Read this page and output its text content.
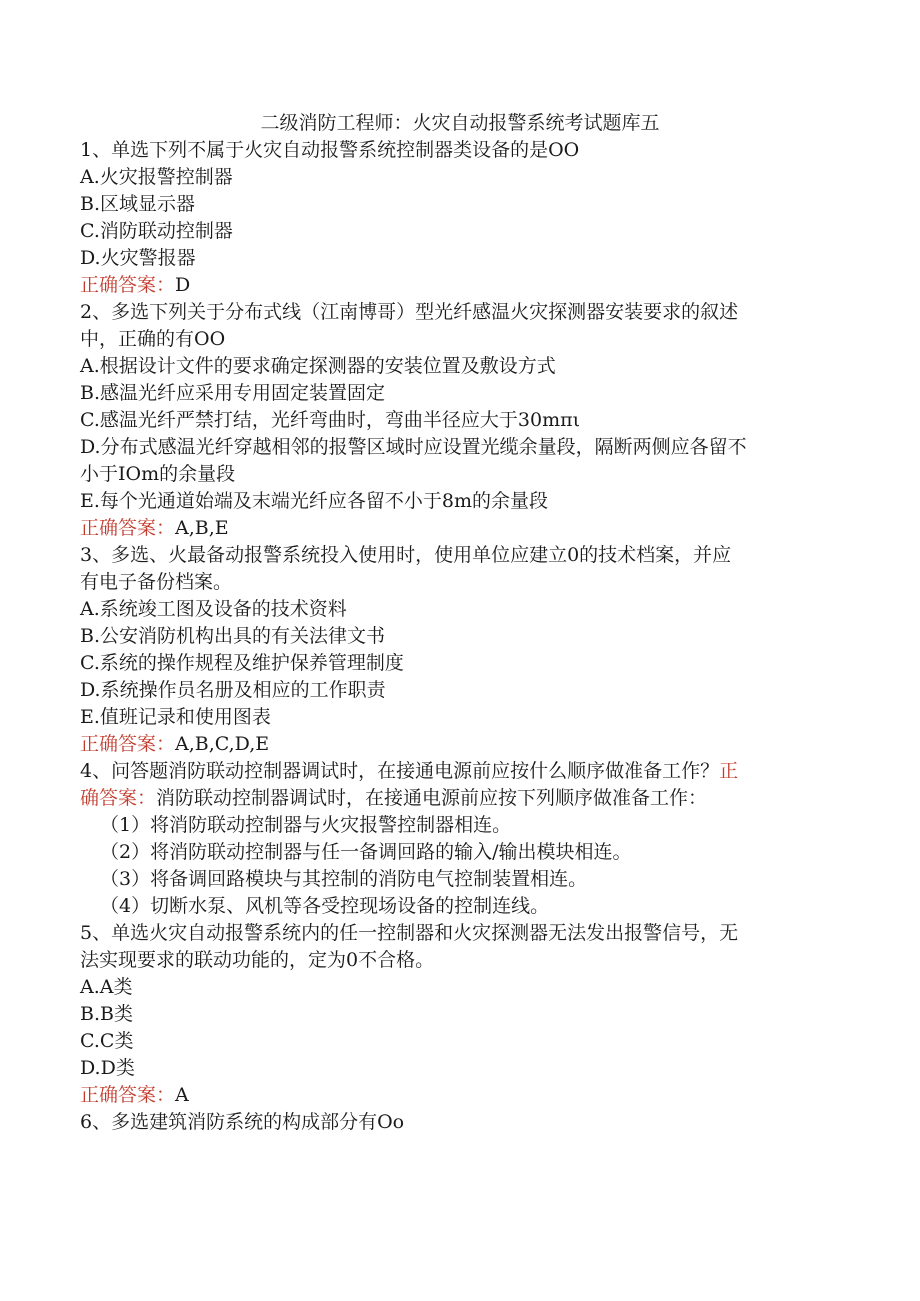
二级消防工程师：火灾自动报警系统考试题库五
1、单选下列不属于火灾自动报警系统控制器类设备的是OO
A.火灾报警控制器
B.区域显示器
C.消防联动控制器
D.火灾警报器
正确答案：D
2、多选下列关于分布式线（江南博哥）型光纤感温火灾探测器安装要求的叙述
中，正确的有OO
A.根据设计文件的要求确定探测器的安装位置及敷设方式
B.感温光纤应采用专用固定装置固定
C.感温光纤严禁打结，光纤弯曲时，弯曲半径应大于30mπι
D.分布式感温光纤穿越相邻的报警区域时应设置光缆余量段，隔断两侧应各留不
小于IOm的余量段
E.每个光通道始端及末端光纤应各留不小于8m的余量段
正确答案：A,B,E
3、多选、火最备动报警系统投入使用时，使用单位应建立0的技术档案，并应
有电子备份档案。
A.系统竣工图及设备的技术资料
B.公安消防机构出具的有关法律文书
C.系统的操作规程及维护保养管理制度
D.系统操作员名册及相应的工作职责
E.值班记录和使用图表
正确答案：A,B,C,D,E
4、问答题消防联动控制器调试时，在接通电源前应按什么顺序做准备工作？正
确答案：消防联动控制器调试时，在接通电源前应按下列顺序做准备工作：
（1）将消防联动控制器与火灾报警控制器相连。
（2）将消防联动控制器与任一备调回路的输入/输出模块相连。
（3）将备调回路模块与其控制的消防电气控制装置相连。
（4）切断水泵、风机等各受控现场设备的控制连线。
5、单选火灾自动报警系统内的任一控制器和火灾探测器无法发出报警信号，无
法实现要求的联动功能的，定为0不合格。
A.A类
B.B类
C.C类
D.D类
正确答案：A
6、多选建筑消防系统的构成部分有Oo
